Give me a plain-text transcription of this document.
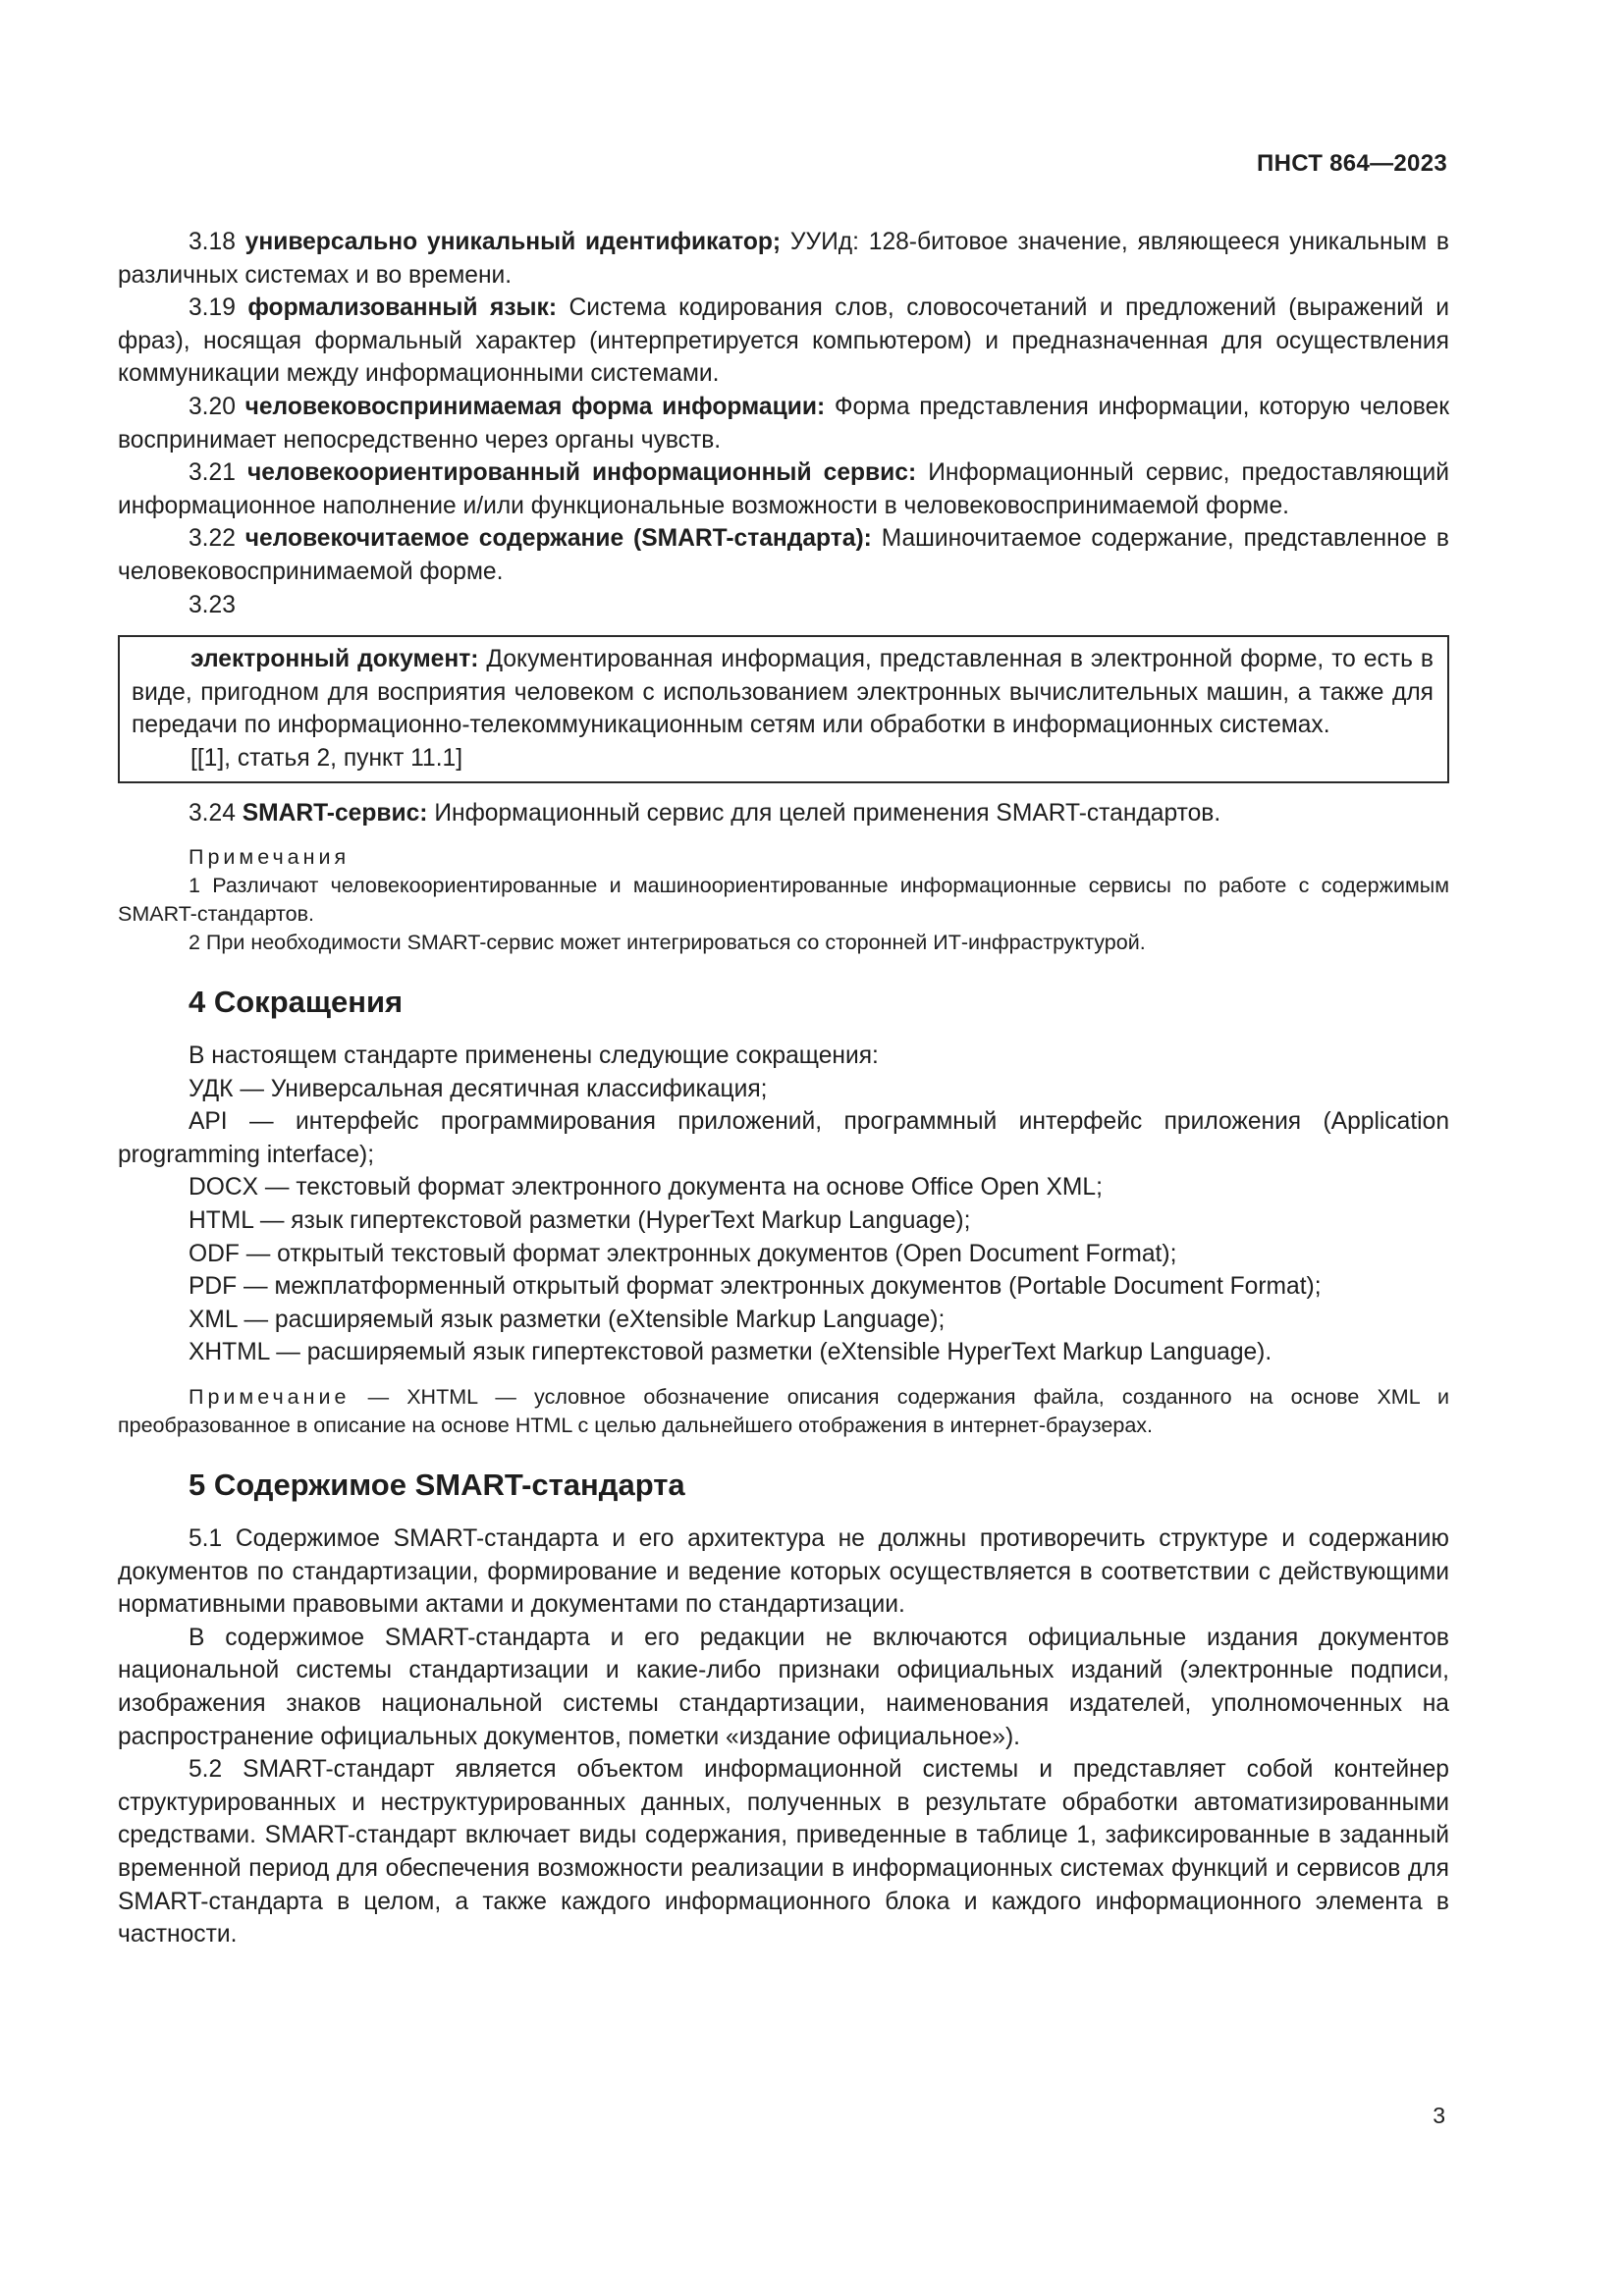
ПНСТ 864—2023

3.18 универсально уникальный идентификатор; УУИд: 128-битовое значение, являющееся уникальным в различных системах и во времени.

3.19 формализованный язык: Система кодирования слов, словосочетаний и предложений (выражений и фраз), носящая формальный характер (интерпретируется компьютером) и предназначенная для осуществления коммуникации между информационными системами.

3.20 человековоспринимаемая форма информации: Форма представления информации, которую человек воспринимает непосредственно через органы чувств.

3.21 человекоориентированный информационный сервис: Информационный сервис, предоставляющий информационное наполнение и/или функциональные возможности в человековоспринимаемой форме.

3.22 человекочитаемое содержание (SMART-стандарта): Машиночитаемое содержание, представленное в человековоспринимаемой форме.

3.23

электронный документ: Документированная информация, представленная в электронной форме, то есть в виде, пригодном для восприятия человеком с использованием электронных вычислительных машин, а также для передачи по информационно-телекоммуникационным сетям или обработки в информационных системах.

[[1], статья 2, пункт 11.1]

3.24 SMART-сервис: Информационный сервис для целей применения SMART-стандартов.

Примечания

1 Различают человекоориентированные и машиноориентированные информационные сервисы по работе с содержимым SMART-стандартов.

2 При необходимости SMART-сервис может интегрироваться со сторонней ИТ-инфраструктурой.

4 Сокращения

В настоящем стандарте применены следующие сокращения:

УДК — Универсальная десятичная классификация;

API — интерфейс программирования приложений, программный интерфейс приложения (Application programming interface);

DOCX — текстовый формат электронного документа на основе Office Open XML;

HTML — язык гипертекстовой разметки (HyperText Markup Language);

ODF — открытый текстовый формат электронных документов (Open Document Format);

PDF — межплатформенный открытый формат электронных документов (Portable Document Format);

XML — расширяемый язык разметки (eXtensible Markup Language);

XHTML — расширяемый язык гипертекстовой разметки (eXtensible HyperText Markup Language).

Примечание — XHTML — условное обозначение описания содержания файла, созданного на основе XML и преобразованное в описание на основе HTML с целью дальнейшего отображения в интернет-браузерах.

5 Содержимое SMART-стандарта

5.1 Содержимое SMART-стандарта и его архитектура не должны противоречить структуре и содержанию документов по стандартизации, формирование и ведение которых осуществляется в соответствии с действующими нормативными правовыми актами и документами по стандартизации.

В содержимое SMART-стандарта и его редакции не включаются официальные издания документов национальной системы стандартизации и какие-либо признаки официальных изданий (электронные подписи, изображения знаков национальной системы стандартизации, наименования издателей, уполномоченных на распространение официальных документов, пометки «издание официальное»).

5.2 SMART-стандарт является объектом информационной системы и представляет собой контейнер структурированных и неструктурированных данных, полученных в результате обработки автоматизированными средствами. SMART-стандарт включает виды содержания, приведенные в таблице 1, зафиксированные в заданный временной период для обеспечения возможности реализации в информационных системах функций и сервисов для SMART-стандарта в целом, а также каждого информационного блока и каждого информационного элемента в частности.

3
